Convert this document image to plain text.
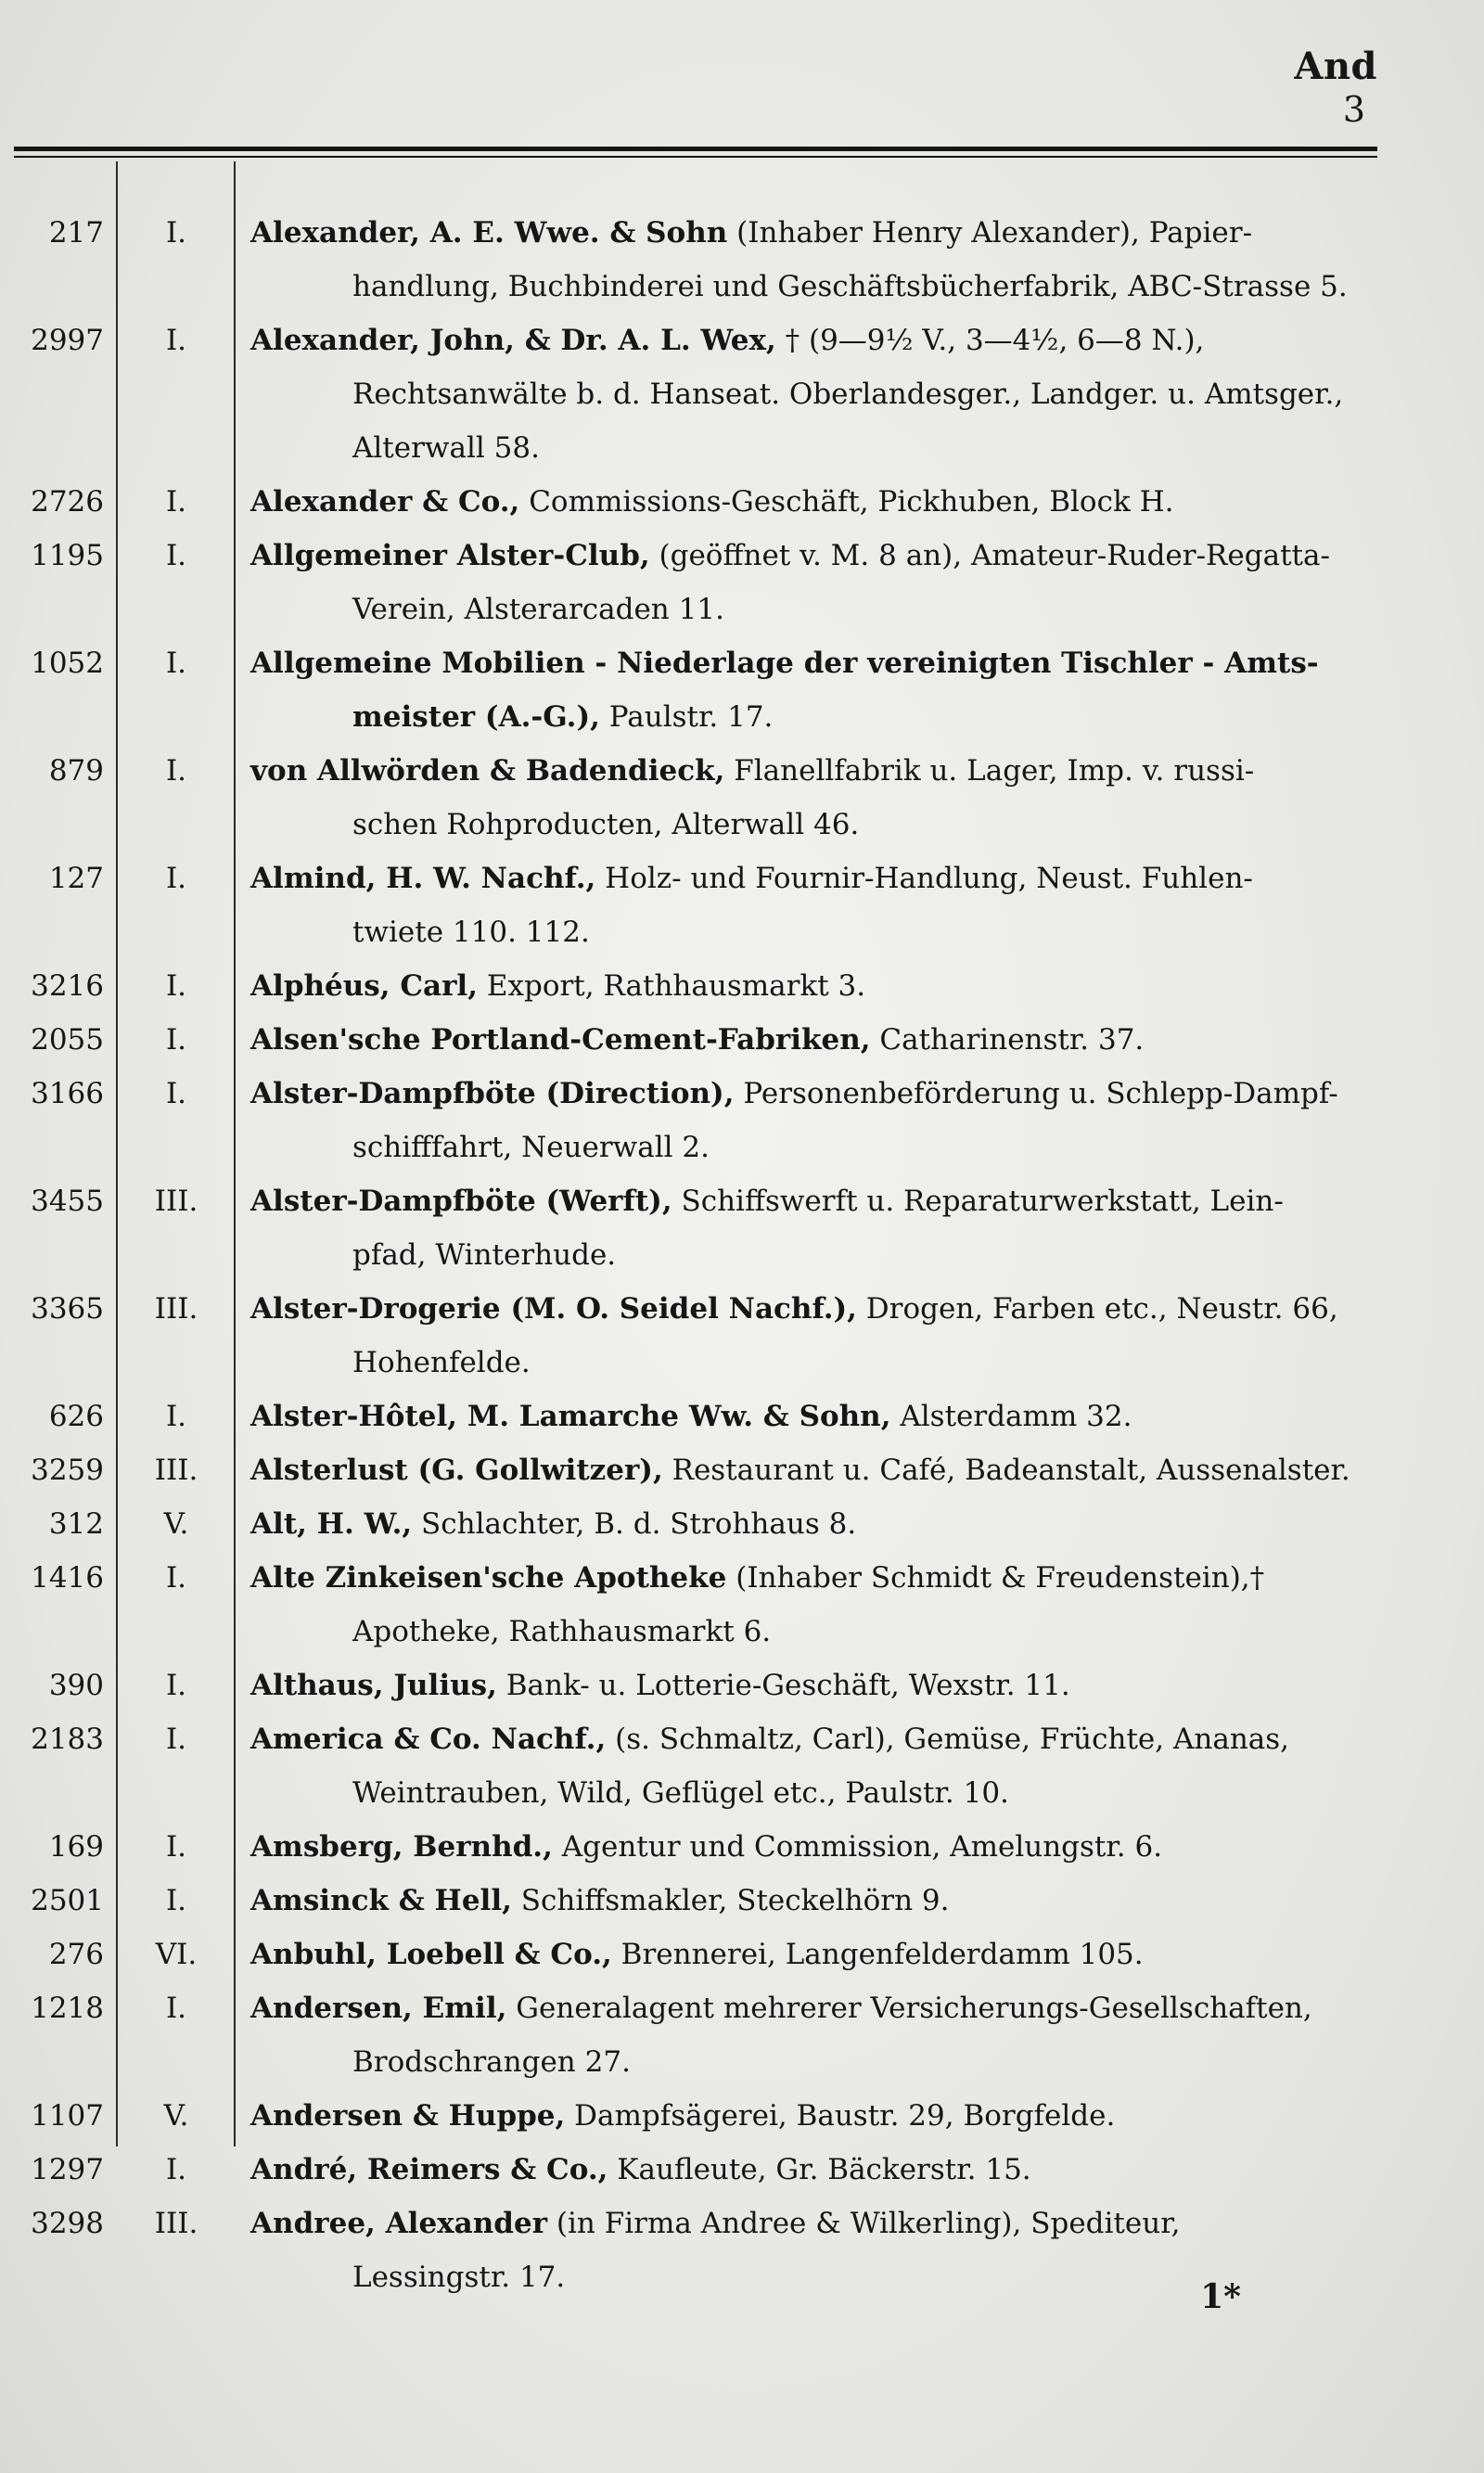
And
3
217	I.	Alexander, A. E. Wwe. & Sohn (Inhaber Henry Alexander), Papier-
handlung, Buchbinderei und Geschäftsbücherfabrik, ABC-Strasse 5.
2997	I.	Alexander, John, & Dr. A. L. Wex, † (9—9½ V., 3—4½, 6—8 N.),
Rechtsanwälte b. d. Hanseat. Oberlandesger., Landger. u. Amtsger.,
Alterwall 58.
2726	I.	Alexander & Co., Commissions-Geschäft, Pickhuben, Block H.
1195	I.	Allgemeiner Alster-Club, (geöffnet v. M. 8 an), Amateur-Ruder-Regatta-
Verein, Alsterarcaden 11.
1052	I.	Allgemeine Mobilien - Niederlage der vereinigten Tischler - Amts-
meister (A.-G.), Paulstr. 17.
879	I.	von Allwörden & Badendieck, Flanellfabrik u. Lager, Imp. v. russi-
schen Rohproducten, Alterwall 46.
127	I.	Almind, H. W. Nachf., Holz- und Fournir-Handlung, Neust. Fuhlen-
twiete 110. 112.
3216	I.	Alphéus, Carl, Export, Rathhausmarkt 3.
2055	I.	Alsen'sche Portland-Cement-Fabriken, Catharinenstr. 37.
3166	I.	Alster-Dampfböte (Direction), Personenbeförderung u. Schlepp-Dampf-
schifffahrt, Neuerwall 2.
3455	III.	Alster-Dampfböte (Werft), Schiffswerft u. Reparaturwerkstatt, Lein-
pfad, Winterhude.
3365	III.	Alster-Drogerie (M. O. Seidel Nachf.), Drogen, Farben etc., Neustr. 66,
Hohenfelde.
626	I.	Alster-Hôtel, M. Lamarche Ww. & Sohn, Alsterdamm 32.
3259	III.	Alsterlust (G. Gollwitzer), Restaurant u. Café, Badeanstalt, Aussenalster.
312	V.	Alt, H. W., Schlachter, B. d. Strohhaus 8.
1416	I.	Alte Zinkeisen'sche Apotheke (Inhaber Schmidt & Freudenstein),†
Apotheke, Rathhausmarkt 6.
390	I.	Althaus, Julius, Bank- u. Lotterie-Geschäft, Wexstr. 11.
2183	I.	America & Co. Nachf., (s. Schmaltz, Carl), Gemüse, Früchte, Ananas,
Weintrauben, Wild, Geflügel etc., Paulstr. 10.
169	I.	Amsberg, Bernhd., Agentur und Commission, Amelungstr. 6.
2501	I.	Amsinck & Hell, Schiffsmakler, Steckelhörn 9.
276	VI.	Anbuhl, Loebell & Co., Brennerei, Langenfelderdamm 105.
1218	I.	Andersen, Emil, Generalagent mehrerer Versicherungs-Gesellschaften,
Brodschrangen 27.
1107	V.	Andersen & Huppe, Dampfsägerei, Baustr. 29, Borgfelde.
1297	I.	André, Reimers & Co., Kaufleute, Gr. Bäckerstr. 15.
3298	III.	Andree, Alexander (in Firma Andree & Wilkerling), Spediteur,
Lessingstr. 17.	1*
